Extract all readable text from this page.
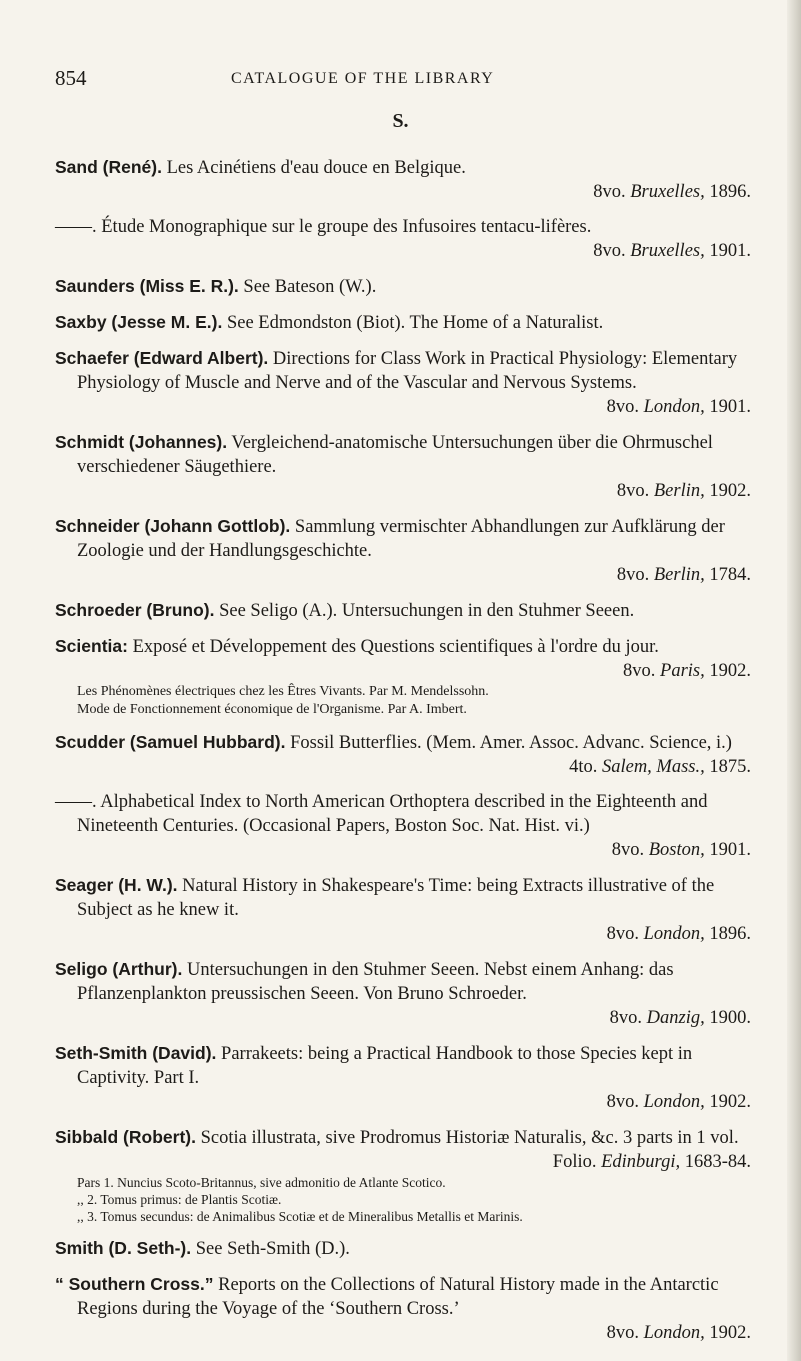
854	CATALOGUE OF THE LIBRARY
S.
Sand (René). Les Acinétiens d'eau douce en Belgique.
8vo. Bruxelles, 1896.
——. Étude Monographique sur le groupe des Infusoires tentacu-lifères.
8vo. Bruxelles, 1901.
Saunders (Miss E. R.). See Bateson (W.).
Saxby (Jesse M. E.). See Edmondston (Biot). The Home of a Naturalist.
Schaefer (Edward Albert). Directions for Class Work in Practical Physiology: Elementary Physiology of Muscle and Nerve and of the Vascular and Nervous Systems.
8vo. London, 1901.
Schmidt (Johannes). Vergleichend-anatomische Untersuchungen über die Ohrmuschel verschiedener Säugethiere.
8vo. Berlin, 1902.
Schneider (Johann Gottlob). Sammlung vermischter Abhandlungen zur Aufklärung der Zoologie und der Handlungsgeschichte.
8vo. Berlin, 1784.
Schroeder (Bruno). See Seligo (A.). Untersuchungen in den Stuhmer Seeen.
Scientia: Exposé et Développement des Questions scientifiques à l'ordre du jour.
8vo. Paris, 1902.
Les Phénomènes électriques chez les Êtres Vivants. Par M. Mendelssohn.
Mode de Fonctionnement économique de l'Organisme. Par A. Imbert.
Scudder (Samuel Hubbard). Fossil Butterflies. (Mem. Amer. Assoc. Advanc. Science, i.)
4to. Salem, Mass., 1875.
——. Alphabetical Index to North American Orthoptera described in the Eighteenth and Nineteenth Centuries. (Occasional Papers, Boston Soc. Nat. Hist. vi.)
8vo. Boston, 1901.
Seager (H. W.). Natural History in Shakespeare's Time: being Extracts illustrative of the Subject as he knew it.
8vo. London, 1896.
Seligo (Arthur). Untersuchungen in den Stuhmer Seeen. Nebst einem Anhang: das Pflanzenplankton preussischen Seeen. Von Bruno Schroeder.
8vo. Danzig, 1900.
Seth-Smith (David). Parrakeets: being a Practical Handbook to those Species kept in Captivity. Part I.
8vo. London, 1902.
Sibbald (Robert). Scotia illustrata, sive Prodromus Historiæ Naturalis, &c. 3 parts in 1 vol.
Folio. Edinburgi, 1683-84.
Pars 1. Nuncius Scoto-Britannus, sive admonitio de Atlante Scotico.
,, 2. Tomus primus: de Plantis Scotiæ.
,, 3. Tomus secundus: de Animalibus Scotiæ et de Mineralibus Metallis et Marinis.
Smith (D. Seth-). See Seth-Smith (D.).
“ Southern Cross.” Reports on the Collections of Natural History made in the Antarctic Regions during the Voyage of the ‘Southern Cross.’
8vo. London, 1902.
